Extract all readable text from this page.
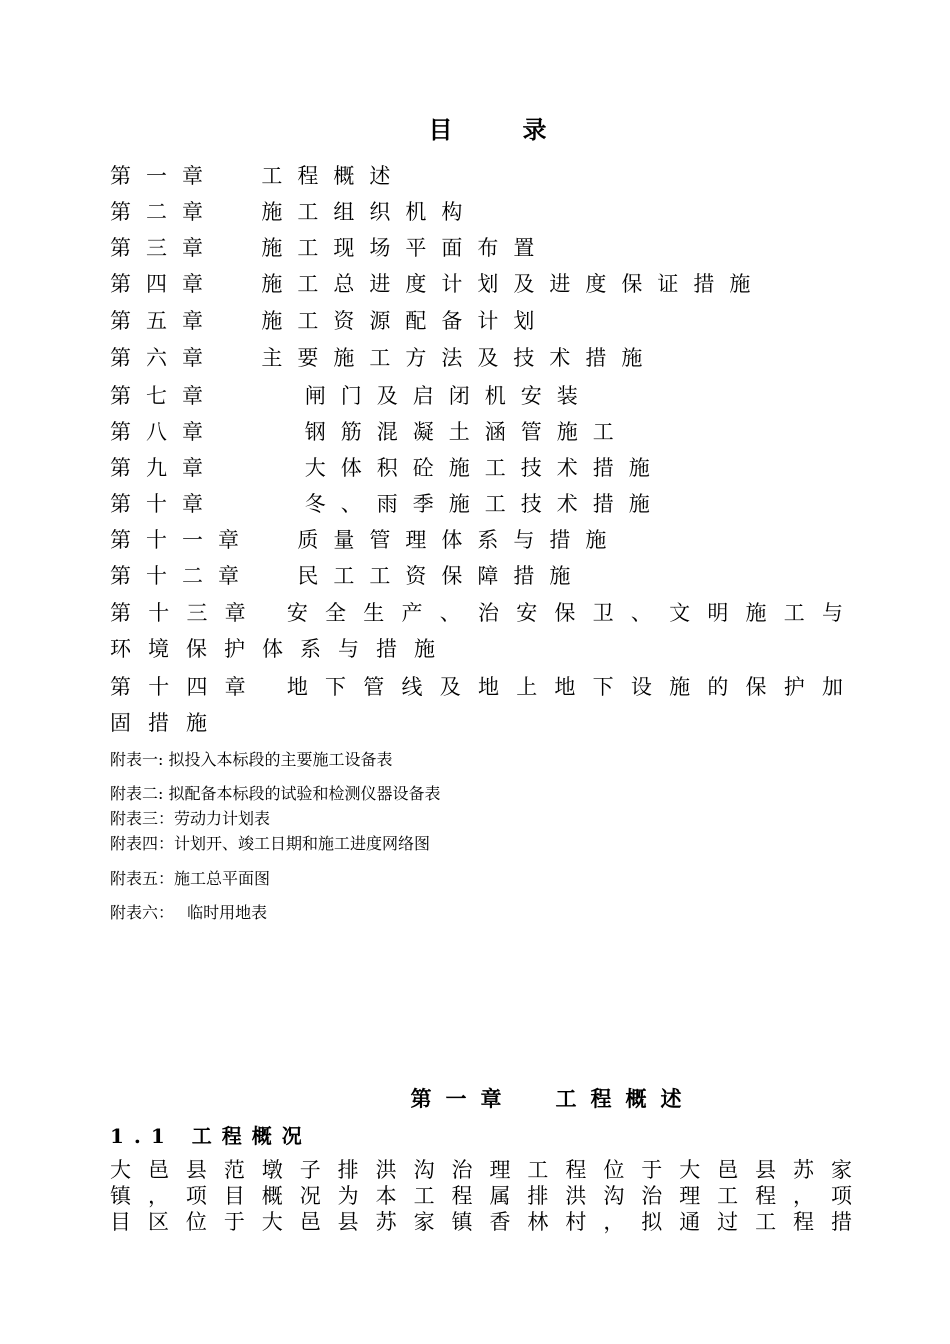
目	录
第一章 工程概述
第二章 施工组织机构
第三章 施工现场平面布置
第四章 施工总进度计划及进度保证措施
第五章 施工资源配备计划
第六章 主要施工方法及技术措施
第七章	闸门及启闭机安装
第八章	钢筋混凝土涵管施工
第九章	大体积砼施工技术措施
第十章	冬、雨季施工技术措施
第十一章 质量管理体系与措施
第十二章 民工工资保障措施
第十三章 安全生产、治安保卫、文明施工与
环境保护体系与措施
第十四章 地下管线及地上地下设施的保护加
固措施
附表一: 拟投入本标段的主要施工设备表
附表二: 拟配备本标段的试验和检测仪器设备表
附表三：劳动力计划表
附表四：计划开、竣工日期和施工进度网络图
附表五：施工总平面图
附表六：　 临时用地表
第一章 工程概述
1.1 工程概况
大邑县范墩子排洪沟治理工程位于大邑县苏家
镇，项目概况为本工程属排洪沟治理工程，项
目区位于大邑县苏家镇香林村，拟通过工程措
